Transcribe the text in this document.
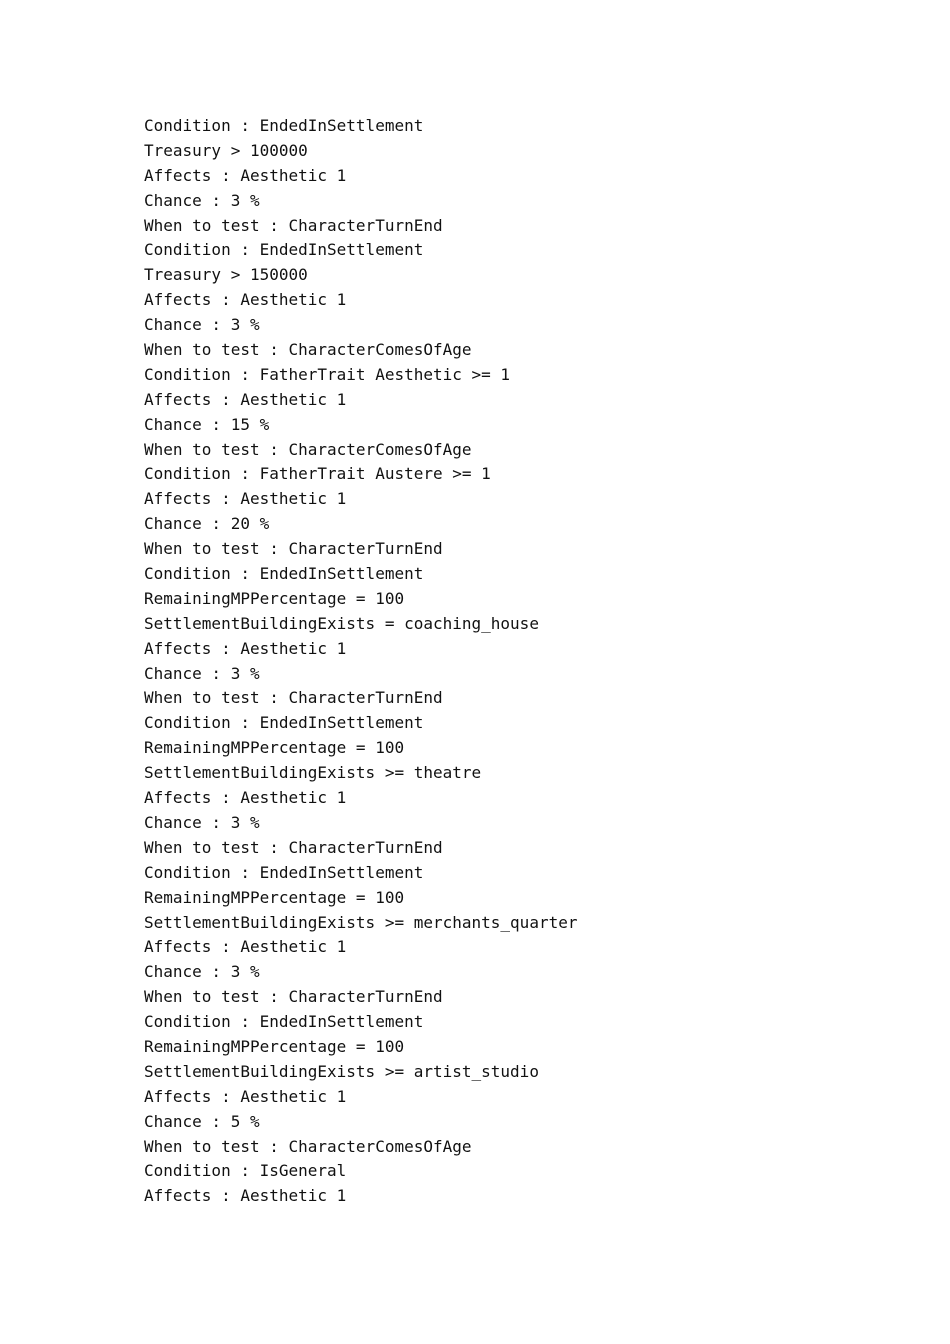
Condition : EndedInSettlement
Treasury > 100000
Affects : Aesthetic 1
Chance : 3 %
When to test : CharacterTurnEnd
Condition : EndedInSettlement
Treasury > 150000
Affects : Aesthetic 1
Chance : 3 %
When to test : CharacterComesOfAge
Condition : FatherTrait Aesthetic >= 1
Affects : Aesthetic 1
Chance : 15 %
When to test : CharacterComesOfAge
Condition : FatherTrait Austere >= 1
Affects : Aesthetic 1
Chance : 20 %
When to test : CharacterTurnEnd
Condition : EndedInSettlement
RemainingMPPercentage = 100
SettlementBuildingExists = coaching_house
Affects : Aesthetic 1
Chance : 3 %
When to test : CharacterTurnEnd
Condition : EndedInSettlement
RemainingMPPercentage = 100
SettlementBuildingExists >= theatre
Affects : Aesthetic 1
Chance : 3 %
When to test : CharacterTurnEnd
Condition : EndedInSettlement
RemainingMPPercentage = 100
SettlementBuildingExists >= merchants_quarter
Affects : Aesthetic 1
Chance : 3 %
When to test : CharacterTurnEnd
Condition : EndedInSettlement
RemainingMPPercentage = 100
SettlementBuildingExists >= artist_studio
Affects : Aesthetic 1
Chance : 5 %
When to test : CharacterComesOfAge
Condition : IsGeneral
Affects : Aesthetic 1
